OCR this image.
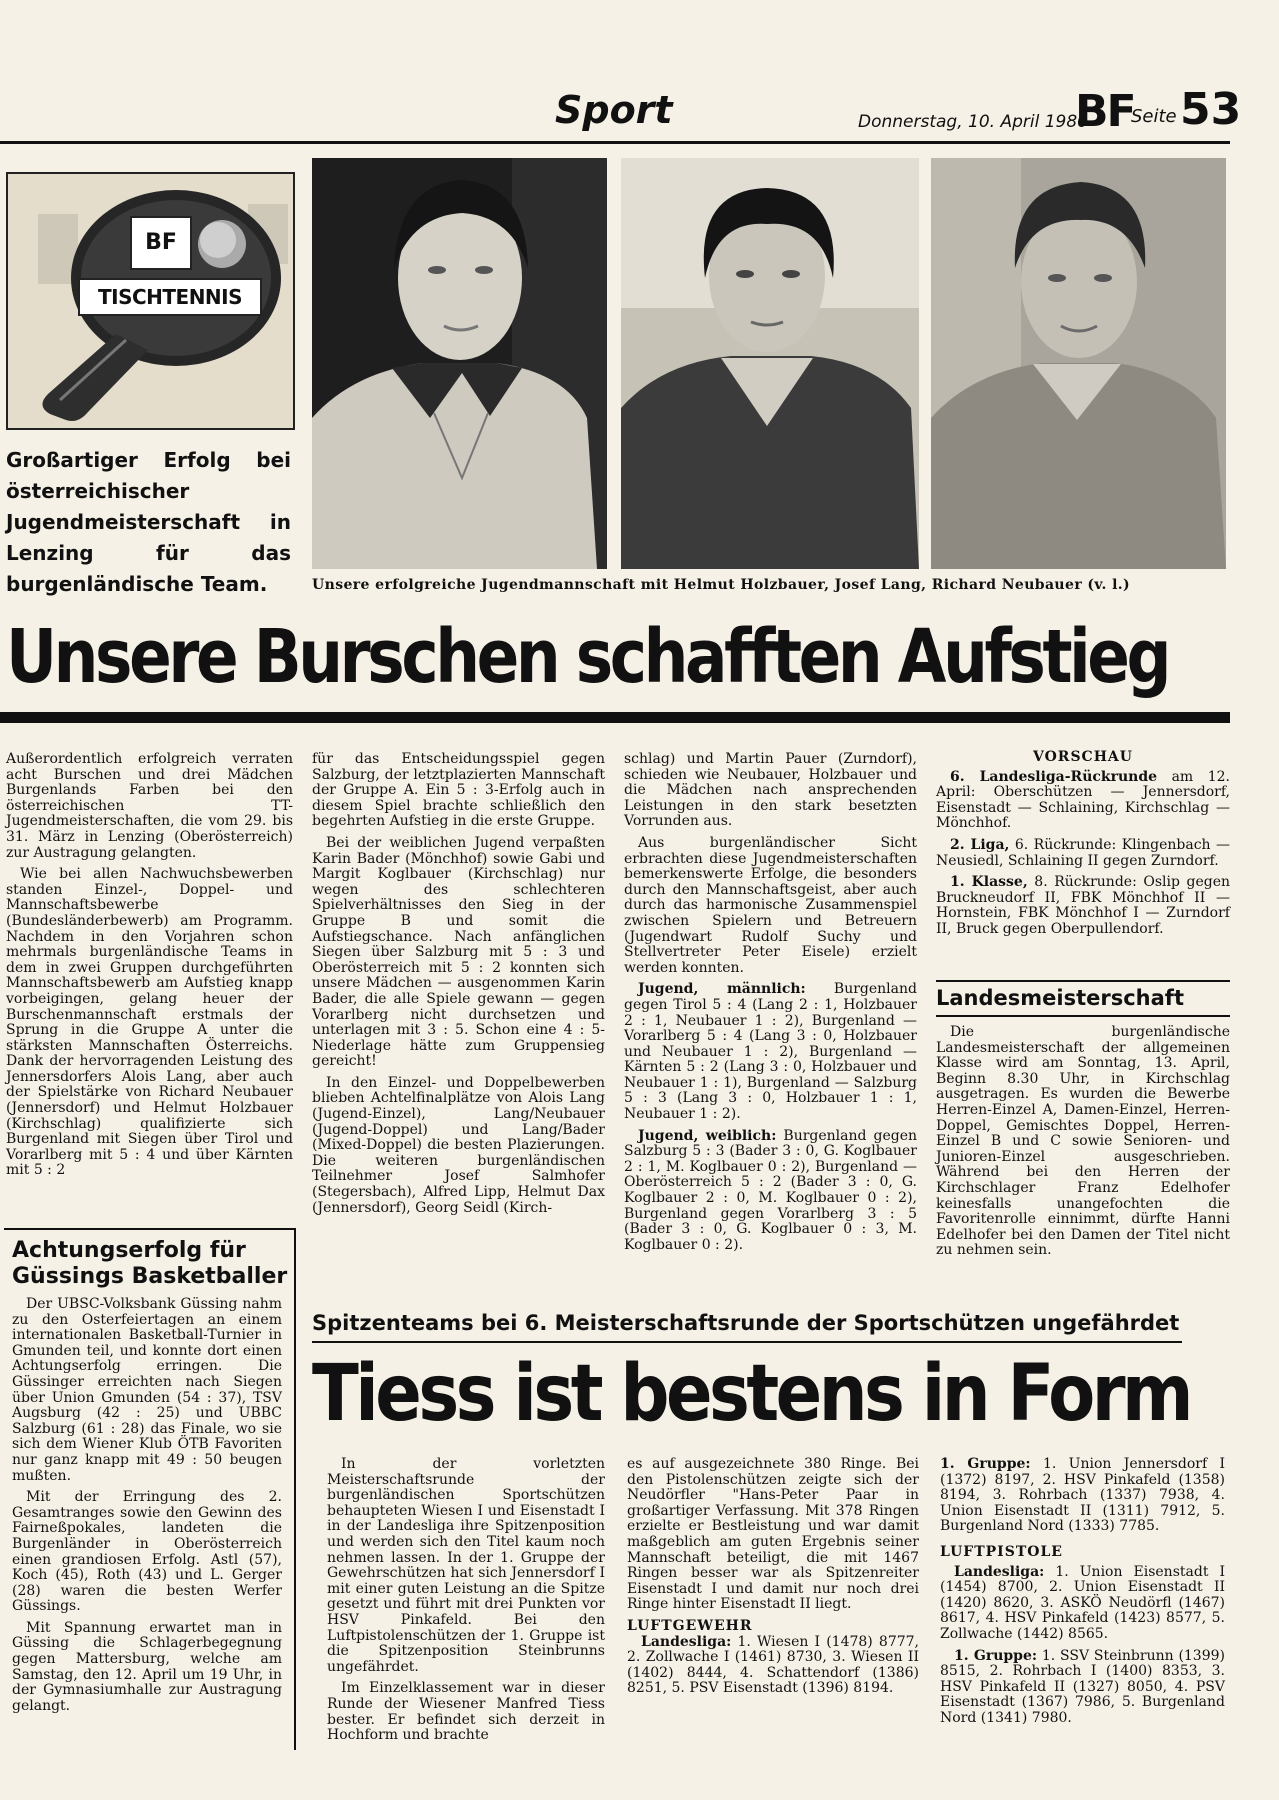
Sport	Donnerstag, 10. April 1980
BF
Seite 53
BF
TISCHTENNIS
Großartiger Erfolg bei österreichischer Jugendmeisterschaft in Lenzing für das burgenländische Team.	Unsere erfolgreiche Jugendmannschaft mit Helmut Holzbauer, Josef Lang, Richard Neubauer (v. l.)
Unsere Burschen schafften Aufstieg

Außerordentlich erfolgreich verraten acht Burschen und drei Mädchen Burgenlands Farben bei den österreichischen TT-Jugendmeisterschaften, die vom 29. bis 31. März in Lenzing (Oberösterreich) zur Austragung gelangten.

Wie bei allen Nachwuchsbewerben standen Einzel-, Doppel- und Mannschaftsbewerbe (Bundesländerbewerb) am Programm. Nachdem in den Vorjahren schon mehrmals burgenländische Teams in dem in zwei Gruppen durchgeführten Mannschaftsbewerb am Aufstieg knapp vorbeigingen, gelang heuer der Burschenmannschaft erstmals der Sprung in die Gruppe A unter die stärksten Mannschaften Österreichs. Dank der hervorragenden Leistung des Jennersdorfers Alois Lang, aber auch der Spielstärke von Richard Neubauer (Jennersdorf) und Helmut Holzbauer (Kirchschlag) qualifizierte sich Burgenland mit Siegen über Tirol und Vorarlberg mit 5 : 4 und über Kärnten mit 5 : 2

für das Entscheidungsspiel gegen Salzburg, der letztplazierten Mannschaft der Gruppe A. Ein 5 : 3-Erfolg auch in diesem Spiel brachte schließlich den begehrten Aufstieg in die erste Gruppe.

Bei der weiblichen Jugend verpaßten Karin Bader (Mönchhof) sowie Gabi und Margit Koglbauer (Kirchschlag) nur wegen des schlechteren Spielverhältnisses den Sieg in der Gruppe B und somit die Aufstiegschance. Nach anfänglichen Siegen über Salzburg mit 5 : 3 und Oberösterreich mit 5 : 2 konnten sich unsere Mädchen — ausgenommen Karin Bader, die alle Spiele gewann — gegen Vorarlberg nicht durchsetzen und unterlagen mit 3 : 5. Schon eine 4 : 5-Niederlage hätte zum Gruppensieg gereicht!

In den Einzel- und Doppelbewerben blieben Achtelfinalplätze von Alois Lang (Jugend-Einzel), Lang/Neubauer (Jugend-Doppel) und Lang/Bader (Mixed-Doppel) die besten Plazierungen. Die weiteren burgenländischen Teilnehmer Josef Salmhofer (Stegersbach), Alfred Lipp, Helmut Dax (Jennersdorf), Georg Seidl (Kirch-

schlag) und Martin Pauer (Zurndorf), schieden wie Neubauer, Holzbauer und die Mädchen nach ansprechenden Leistungen in den stark besetzten Vorrunden aus.

Aus burgenländischer Sicht erbrachten diese Jugendmeisterschaften bemerkenswerte Erfolge, die besonders durch den Mannschaftsgeist, aber auch durch das harmonische Zusammenspiel zwischen Spielern und Betreuern (Jugendwart Rudolf Suchy und Stellvertreter Peter Eisele) erzielt werden konnten.

Jugend, männlich: Burgenland gegen Tirol 5 : 4 (Lang 2 : 1, Holzbauer 2 : 1, Neubauer 1 : 2), Burgenland — Vorarlberg 5 : 4 (Lang 3 : 0, Holzbauer und Neubauer 1 : 2), Burgenland — Kärnten 5 : 2 (Lang 3 : 0, Holzbauer und Neubauer 1 : 1), Burgenland — Salzburg 5 : 3 (Lang 3 : 0, Holzbauer 1 : 1, Neubauer 1 : 2).

Jugend, weiblich: Burgenland gegen Salzburg 5 : 3 (Bader 3 : 0, G. Koglbauer 2 : 1, M. Koglbauer 0 : 2), Burgenland — Oberösterreich 5 : 2 (Bader 3 : 0, G. Koglbauer 2 : 0, M. Koglbauer 0 : 2), Burgenland gegen Vorarlberg 3 : 5 (Bader 3 : 0, G. Koglbauer 0 : 3, M. Koglbauer 0 : 2).

VORSCHAU

6. Landesliga-Rückrunde am 12. April: Oberschützen — Jennersdorf, Eisenstadt — Schlaining, Kirchschlag — Mönchhof.

2. Liga, 6. Rückrunde: Klingenbach — Neusiedl, Schlaining II gegen Zurndorf.

1. Klasse, 8. Rückrunde: Oslip gegen Bruckneudorf II, FBK Mönchhof II — Hornstein, FBK Mönchhof I — Zurndorf II, Bruck gegen Oberpullendorf.

Landesmeisterschaft

Die burgenländische Landesmeisterschaft der allgemeinen Klasse wird am Sonntag, 13. April, Beginn 8.30 Uhr, in Kirchschlag ausgetragen. Es wurden die Bewerbe Herren-Einzel A, Damen-Einzel, Herren-Doppel, Gemischtes Doppel, Herren-Einzel B und C sowie Senioren- und Junioren-Einzel ausgeschrieben. Während bei den Herren der Kirchschlager Franz Edelhofer keinesfalls unangefochten die Favoritenrolle einnimmt, dürfte Hanni Edelhofer bei den Damen der Titel nicht zu nehmen sein.

Achtungserfolg für Güssings Basketballer

Der UBSC-Volksbank Güssing nahm zu den Osterfeiertagen an einem internationalen Basketball-Turnier in Gmunden teil, und konnte dort einen Achtungserfolg erringen. Die Güssinger erreichten nach Siegen über Union Gmunden (54 : 37), TSV Augsburg (42 : 25) und UBBC Salzburg (61 : 28) das Finale, wo sie sich dem Wiener Klub ÖTB Favoriten nur ganz knapp mit 49 : 50 beugen mußten.

Mit der Erringung des 2. Gesamtranges sowie den Gewinn des Fairneßpokales, landeten die Burgenländer in Oberösterreich einen grandiosen Erfolg. Astl (57), Koch (45), Roth (43) und L. Gerger (28) waren die besten Werfer Güssings.

Mit Spannung erwartet man in Güssing die Schlagerbegegnung gegen Mattersburg, welche am Samstag, den 12. April um 19 Uhr, in der Gymnasiumhalle zur Austragung gelangt.

Spitzenteams bei 6. Meisterschaftsrunde der Sportschützen ungefährdet
Tiess ist bestens in Form

In der vorletzten Meisterschaftsrunde der burgenländischen Sportschützen behaupteten Wiesen I und Eisenstadt I in der Landesliga ihre Spitzenposition und werden sich den Titel kaum noch nehmen lassen. In der 1. Gruppe der Gewehrschützen hat sich Jennersdorf I mit einer guten Leistung an die Spitze gesetzt und führt mit drei Punkten vor HSV Pinkafeld. Bei den Luftpistolenschützen der 1. Gruppe ist die Spitzenposition Steinbrunns ungefährdet.

Im Einzelklassement war in dieser Runde der Wiesener Manfred Tiess bester. Er befindet sich derzeit in Hochform und brachte

es auf ausgezeichnete 380 Ringe. Bei den Pistolenschützen zeigte sich der Neudörfler "Hans-Peter Paar in großartiger Verfassung. Mit 378 Ringen erzielte er Bestleistung und war damit maßgeblich am guten Ergebnis seiner Mannschaft beteiligt, die mit 1467 Ringen besser war als Spitzenreiter Eisenstadt I und damit nur noch drei Ringe hinter Eisenstadt II liegt.

LUFTGEWEHR

Landesliga: 1. Wiesen I (1478) 8777, 2. Zollwache I (1461) 8730, 3. Wiesen II (1402) 8444, 4. Schattendorf (1386) 8251, 5. PSV Eisenstadt (1396) 8194.

1. Gruppe: 1. Union Jennersdorf I (1372) 8197, 2. HSV Pinkafeld (1358) 8194, 3. Rohrbach (1337) 7938, 4. Union Eisenstadt II (1311) 7912, 5. Burgenland Nord (1333) 7785.

LUFTPISTOLE

Landesliga: 1. Union Eisenstadt I (1454) 8700, 2. Union Eisenstadt II (1420) 8620, 3. ASKÖ Neudörfl (1467) 8617, 4. HSV Pinkafeld (1423) 8577, 5. Zollwache (1442) 8565.

1. Gruppe: 1. SSV Steinbrunn (1399) 8515, 2. Rohrbach I (1400) 8353, 3. HSV Pinkafeld II (1327) 8050, 4. PSV Eisenstadt (1367) 7986, 5. Burgenland Nord (1341) 7980.
